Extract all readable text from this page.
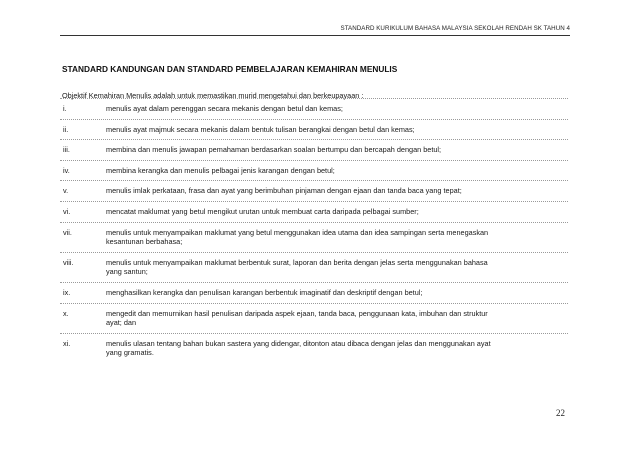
STANDARD KURIKULUM BAHASA MALAYSIA SEKOLAH RENDAH SK TAHUN 4
STANDARD KANDUNGAN DAN STANDARD PEMBELAJARAN KEMAHIRAN MENULIS
Objektif Kemahiran Menulis adalah untuk memastikan murid mengetahui dan berkeupayaan :
i.	menulis ayat dalam perenggan secara mekanis dengan betul dan kemas;
ii.	menulis ayat majmuk secara mekanis dalam bentuk tulisan berangkai dengan betul dan kemas;
iii.	membina dan menulis jawapan pemahaman berdasarkan soalan bertumpu dan bercapah dengan betul;
iv.	membina kerangka dan menulis pelbagai jenis karangan dengan betul;
v.	menulis imlak perkataan, frasa dan ayat yang berimbuhan pinjaman dengan ejaan dan tanda baca yang tepat;
vi.	mencatat maklumat yang betul mengikut urutan untuk membuat carta daripada pelbagai sumber;
vii.	menulis untuk menyampaikan maklumat yang betul menggunakan idea utama dan idea sampingan serta menegaskan
kesantunan berbahasa;
viii.	menulis untuk menyampaikan maklumat berbentuk surat, laporan dan berita dengan jelas serta menggunakan bahasa
yang santun;
ix.	menghasilkan kerangka dan penulisan karangan berbentuk imaginatif dan deskriptif dengan betul;
x.	mengedit dan memurnikan hasil penulisan daripada aspek ejaan, tanda baca, penggunaan kata, imbuhan dan struktur
ayat; dan
xi.	menulis ulasan tentang bahan bukan sastera yang didengar, ditonton atau dibaca dengan jelas dan menggunakan ayat
yang gramatis.
22
